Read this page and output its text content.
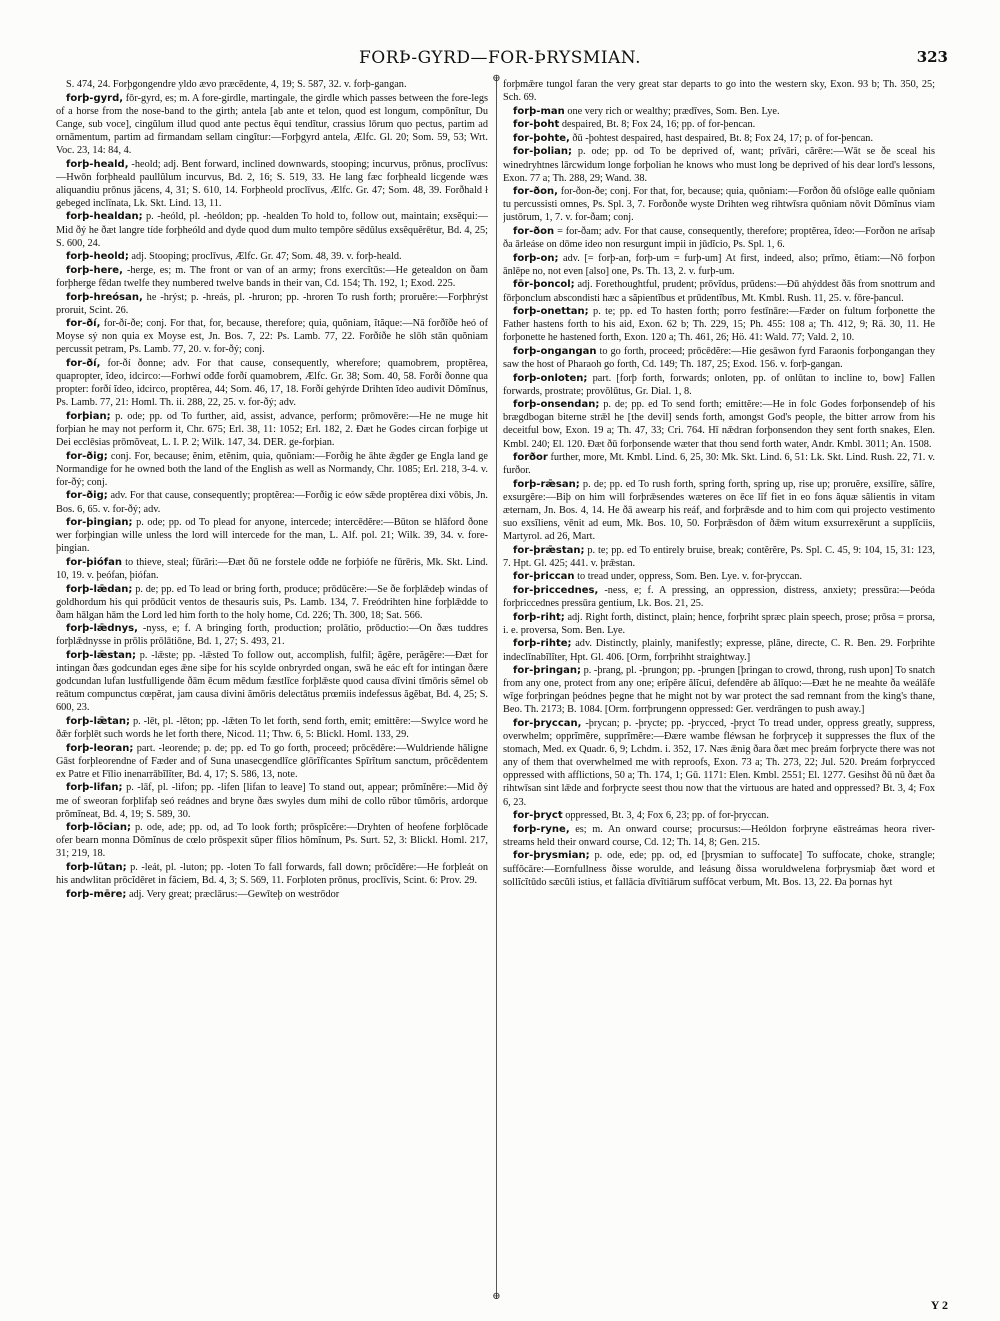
FORÞ-GYRD—FOR-ÞRYSMIAN.	323

S. 474, 24. Forþgongendre yldo ævo præcēdente, 4, 19; S. 587, 32. v. forþ-gangan.

forþ-gyrd, fōr-gyrd, es; m. A fore-girdle, martingale, the girdle which passes between the fore-legs of a horse from the nose-band to the girth; antela [ab ante et telon, quod est longum, compōnĭtur, Du Cange, sub voce], cingŭlum illud quod ante pectus ĕqui tendĭtur, crassius lōrum quo pectus, partim ad ornāmentum, partim ad firmandam sellam cingĭtur:—Forþgyrd antela, Ælfc. Gl. 20; Som. 59, 53; Wrt. Voc. 23, 14: 84, 4.

forþ-heald, -heold; adj. Bent forward, inclined downwards, stooping; incurvus, prōnus, proclīvus:—Hwōn forþheald paullŭlum incurvus, Bd. 2, 16; S. 519, 33. He lang fæc forþheald licgende wæs aliquandiu prōnus jăcens, 4, 31; S. 610, 14. Forþheold proclīvus, Ælfc. Gr. 47; Som. 48, 39. Forðhald ł gebeged inclīnata, Lk. Skt. Lind. 13, 11.

forþ-healdan; p. -heóld, pl. -heóldon; pp. -healden To hold to, follow out, maintain; exsĕqui:—Mid ðý he ðæt langre tíde forþheóld and dyde quod dum multo tempŏre sēdŭlus exsĕquĕrētur, Bd. 4, 25; S. 600, 24.

forþ-heold; adj. Stooping; proclīvus, Ælfc. Gr. 47; Som. 48, 39. v. forþ-heald.

forþ-here, -herge, es; m. The front or van of an army; frons exercĭtūs:—He getealdon on ðam forþherge fēdan twelfe they numbered twelve bands in their van, Cd. 154; Th. 192, 1; Exod. 225.

forþ-hreósan, he -hrýst; p. -hreás, pl. -hruron; pp. -hroren To rush forth; proruĕre:—Forþhrýst proruit, Scint. 26.

for-ðí, for-ðí-ðe; conj. For that, for, because, therefore; quia, quŏniam, ĭtăque:—Nā forðīðe heó of Moyse sý non quia ex Moyse est, Jn. Bos. 7, 22: Ps. Lamb. 77, 22. Forðíðe he slōh stān quŏniam percussit petram, Ps. Lamb. 77, 20. v. for-ðý; conj.

for-ðí, for-ðí ðonne; adv. For that cause, consequently, wherefore; quamobrem, proptĕrea, quapropter, ĭdeo, idcirco:—Forhwí ođđe forðí quamobrem, Ælfc. Gr. 38; Som. 40, 58. Forðí ðonne qua propter: forðí ĭdeo, idcirco, proptĕrea, 44; Som. 46, 17, 18. Forðí gehýrde Drihten ĭdeo audivit Dŏmĭnus, Ps. Lamb. 77, 21: Homl. Th. ii. 288, 22, 25. v. for-ðý; adv.

forþian; p. ode; pp. od To further, aid, assist, advance, perform; prōmovēre:—He ne muge hit forþian he may not perform it, Chr. 675; Erl. 38, 11: 1052; Erl. 182, 2. Ðæt he Godes circan forþige ut Dei ecclēsias prōmŏveat, L. I. P. 2; Wilk. 147, 34. DER. ge-forþian.

for-ðig; conj. For, because; ĕnim, etĕnim, quia, quŏniam:—Forðig he āhte ǣgđer ge Engla land ge Normandige for he owned both the land of the English as well as Normandy, Chr. 1085; Erl. 218, 3-4. v. for-ðý; conj.

for-ðig; adv. For that cause, consequently; proptĕrea:—Forðig ic eów sǣde proptĕrea dixi vōbis, Jn. Bos. 6, 65. v. for-ðý; adv.

for-þingian; p. ode; pp. od To plead for anyone, intercede; intercēdĕre:—Būton se hlāford ðone wer forþingian wille unless the lord will intercede for the man, L. Alf. pol. 21; Wilk. 39, 34. v. fore-þingian.

for-þiófan to thieve, steal; fūrāri:—Ðæt ðū ne forstele ođđe ne forþiófe ne fūrēris, Mk. Skt. Lind. 10, 19. v. þeófan, þiófan.

forþ-lǣdan; p. de; pp. ed To lead or bring forth, produce; prōdūcĕre:—Se ðe forþlǣdeþ windas of goldhordum his qui prōdūcit ventos de thesauris suis, Ps. Lamb. 134, 7. Freódrihten hine forþlǣdde to ðam hālgan hām the Lord led him forth to the holy home, Cd. 226; Th. 300, 18; Sat. 566.

forþ-lǣdnys, -nyss, e; f. A bringing forth, production; prolātio, prōductio:—On ðæs tuddres forþlǣdnysse in prōlis prōlātiōne, Bd. 1, 27; S. 493, 21.

forþ-lǣstan; p. -lǣste; pp. -lǣsted To follow out, accomplish, fulfil; ăgĕre, perăgĕre:—Ðæt for intingan ðæs godcundan eges ǣne siþe for his scylde onbryrded ongan, swā he eác eft for intingan ðære godcundan lufan lustfulligende ðām ēcum mēdum fæstlīce forþlǣste quod causa dīvini tĭmōris sĕmel ob reātum compunctus cœpĕrat, jam causa divini ămōris delectātus prœmiis indefessus ăgĕbat, Bd. 4, 25; S. 600, 23.

forþ-lǣtan; p. -lēt, pl. -lēton; pp. -lǣten To let forth, send forth, emit; emittĕre:—Swylce word he ðǣr forþlēt such words he let forth there, Nicod. 11; Thw. 6, 5: Blickl. Homl. 133, 29.

forþ-leoran; part. -leorende; p. de; pp. ed To go forth, proceed; prōcēdĕre:—Wuldriende hāligne Gāst forþleorendne of Fæder and of Suna unasecgendlīce glōrĭfĭcantes Spīrĭtum sanctum, prōcēdentem ex Patre et Fīlio inenarrābĭlĭter, Bd. 4, 17; S. 586, 13, note.

forþ-lifan; p. -lāf, pl. -lifon; pp. -lifen [lifan to leave] To stand out, appear; prŏmĭnēre:—Mid ðý me of sweoran forþlifaþ seó reádnes and bryne ðæs swyles dum mihi de collo rŭbor tŭmōris, ardorque prŏmĭneat, Bd. 4, 19; S. 589, 30.

forþ-lōcian; p. ode, ade; pp. od, ad To look forth; prōspĭcĕre:—Dryhten of heofene forþlōcade ofer bearn monna Dŏmĭnus de cœlo prōspexit sŭper fīlios hŏmĭnum, Ps. Surt. 52, 3: Blickl. Homl. 217, 31; 219, 18.

forþ-lūtan; p. -leát, pl. -luton; pp. -loten To fall forwards, fall down; prōcĭdĕre:—He forþleát on his andwlitan prōcĭdĕret in făciem, Bd. 4, 3; S. 569, 11. Forþloten prōnus, proclīvis, Scint. 6: Prov. 29.

forþ-mēre; adj. Very great; præclārus:—Gewīteþ on westrōdor

⊕
⊕

forþmǣre tungol faran the very great star departs to go into the western sky, Exon. 93 b; Th. 350, 25; Sch. 69.

forþ-man one very rich or wealthy; prædīves, Som. Ben. Lye.

for-þoht despaired, Bt. 8; Fox 24, 16; pp. of for-þencan.

for-þohte, ðū -þohtest despaired, hast despaired, Bt. 8; Fox 24, 17; p. of for-þencan.

for-þolian; p. ode; pp. od To be deprived of, want; prīvāri, cărēre:—Wāt se ðe sceal his winedryhtnes lārcwidum longe forþolian he knows who must long be deprived of his dear lord's lessons, Exon. 77 a; Th. 288, 29; Wand. 38.

for-ðon, for-ðon-ðe; conj. For that, for, because; quia, quŏniam:—Forðon ðū ofslōge ealle quŏniam tu percussisti omnes, Ps. Spl. 3, 7. Forðonðe wyste Drihten weg rihtwīsra quŏniam nōvit Dŏmĭnus viam justōrum, 1, 7. v. for-ðam; conj.

for-ðon = for-ðam; adv. For that cause, consequently, therefore; proptĕrea, ĭdeo:—Forðon ne arīsaþ ða ārleáse on dōme ideo non resurgunt impii in jūdĭcio, Ps. Spl. 1, 6.

forþ-on; adv. [= forþ-an, forþ-um = furþ-um] At first, indeed, also; prīmo, ĕtiam:—Nō forþon ānlēpe no, not even [also] one, Ps. Th. 13, 2. v. furþ-um.

fōr-þoncol; adj. Forethoughtful, prudent; prōvĭdus, prūdens:—Ðū ahýddest ðās from snottrum and fōrþonclum abscondisti hæc a săpientĭbus et prūdentĭbus, Mt. Kmbl. Rush. 11, 25. v. fōre-þancul.

forþ-onettan; p. te; pp. ed To hasten forth; porro festīnāre:—Fæder on fultum forþonette the Father hastens forth to his aid, Exon. 62 b; Th. 229, 15; Ph. 455: 108 a; Th. 412, 9; Rä. 30, 11. He forþonette he hastened forth, Exon. 120 a; Th. 461, 26; Hö. 41: Wald. 77; Vald. 2, 10.

forþ-ongangan to go forth, proceed; prōcēdĕre:—Hie gesāwon fyrd Faraonis forþongangan they saw the host of Pharaoh go forth, Cd. 149; Th. 187, 25; Exod. 156. v. forþ-gangan.

forþ-onloten; part. [forþ forth, forwards; onloten, pp. of onlūtan to incline to, bow] Fallen forwards, prostrate; provōlūtus, Gr. Dial. 1, 8.

forþ-onsendan; p. de; pp. ed To send forth; emittĕre:—He in folc Godes forþonsendeþ of his brægdbogan biterne strǣl he [the devil] sends forth, amongst God's people, the bitter arrow from his deceitful bow, Exon. 19 a; Th. 47, 33; Cri. 764. Hī nǣdran forþonsendon they sent forth snakes, Elen. Kmbl. 240; El. 120. Ðæt ðū forþonsende wæter that thou send forth water, Andr. Kmbl. 3011; An. 1508.

forðor further, more, Mt. Kmbl. Lind. 6, 25, 30: Mk. Skt. Lind. 6, 51: Lk. Skt. Lind. Rush. 22, 71. v. furðor.

forþ-rǣsan; p. de; pp. ed To rush forth, spring forth, spring up, rise up; proruĕre, exsilīre, sălīre, exsurgĕre:—Biþ on him will forþrǣsendes wæteres on ēce līf fiet in eo fons ăquæ sălientis in vitam æternam, Jn. Bos. 4, 14. He ðā awearp his reáf, and forþrǣsde and to him com qui projecto vestimento suo exsĭliens, vēnit ad eum, Mk. Bos. 10, 50. Forþrǣsdon of ðǣm witum exsurrexērunt a supplĭciis, Martyrol. ad 26, Mart.

for-þrǣstan; p. te; pp. ed To entirely bruise, break; contĕrĕre, Ps. Spl. C. 45, 9: 104, 15, 31: 123, 7. Hpt. Gl. 425; 441. v. þrǣstan.

for-þriccan to tread under, oppress, Som. Ben. Lye. v. for-þryccan.

for-þriccednes, -ness, e; f. A pressing, an oppression, distress, anxiety; pressūra:—Þeóda forþriccednes pressūra gentium, Lk. Bos. 21, 25.

forþ-riht; adj. Right forth, distinct, plain; hence, forþriht spræc plain speech, prose; prōsa = prorsa, i. e. proversa, Som. Ben. Lye.

forþ-rihte; adv. Distinctly, plainly, manifestly; expresse, plāne, directe, C. R. Ben. 29. Forþrihte indeclīnabĭlĭter, Hpt. Gl. 406. [Orm, forrþrihht straightway.]

for-þringan; p. -þrang, pl. -þrungon; pp. -þrungen [þringan to crowd, throng, rush upon] To snatch from any one, protect from any one; erĭpĕre ălĭcui, defendĕre ab ălĭquo:—Ðæt he ne meahte ða weálāfe wīge forþringan þeódnes þegne that he might not by war protect the sad remnant from the king's thane, Beo. Th. 2173; B. 1084. [Orm. forrþrungenn oppressed: Ger. verdrängen to push away.]

for-þryccan, -þrycan; p. -þrycte; pp. -þrycced, -þryct To tread under, oppress greatly, suppress, overwhelm; opprĭmĕre, supprĭmĕre:—Ðære wambe fléwsan he forþryceþ it suppresses the flux of the stomach, Med. ex Quadr. 6, 9; Lchdm. i. 352, 17. Næs ǣnig ðara ðæt mec þreám forþrycte there was not any of them that overwhelmed me with reproofs, Exon. 73 a; Th. 273, 22; Jul. 520. Þreám forþrycced oppressed with afflictions, 50 a; Th. 174, 1; Gū. 1171: Elen. Kmbl. 2551; El. 1277. Gesihst ðū nū ðæt ða rihtwīsan sint lǣde and forþrycte seest thou now that the virtuous are hated and oppressed? Bt. 3, 4; Fox 6, 23.

for-þryct oppressed, Bt. 3, 4; Fox 6, 23; pp. of for-þryccan.

forþ-ryne, es; m. An onward course; procursus:—Heóldon forþryne eāstreámas heora river-streams held their onward course, Cd. 12; Th. 14, 8; Gen. 215.

for-þrysmian; p. ode, ede; pp. od, ed [þrysmian to suffocate] To suffocate, choke, strangle; suffŏcāre:—Eornfullness ðisse worulde, and leásung ðissa woruldwelena forþrysmiaþ ðæt word et sollĭcĭtūdo sæcŭli istius, et fallācia dīvĭtiārum suffŏcat verbum, Mt. Bos. 13, 22. Ða þornas hyt

Y 2
